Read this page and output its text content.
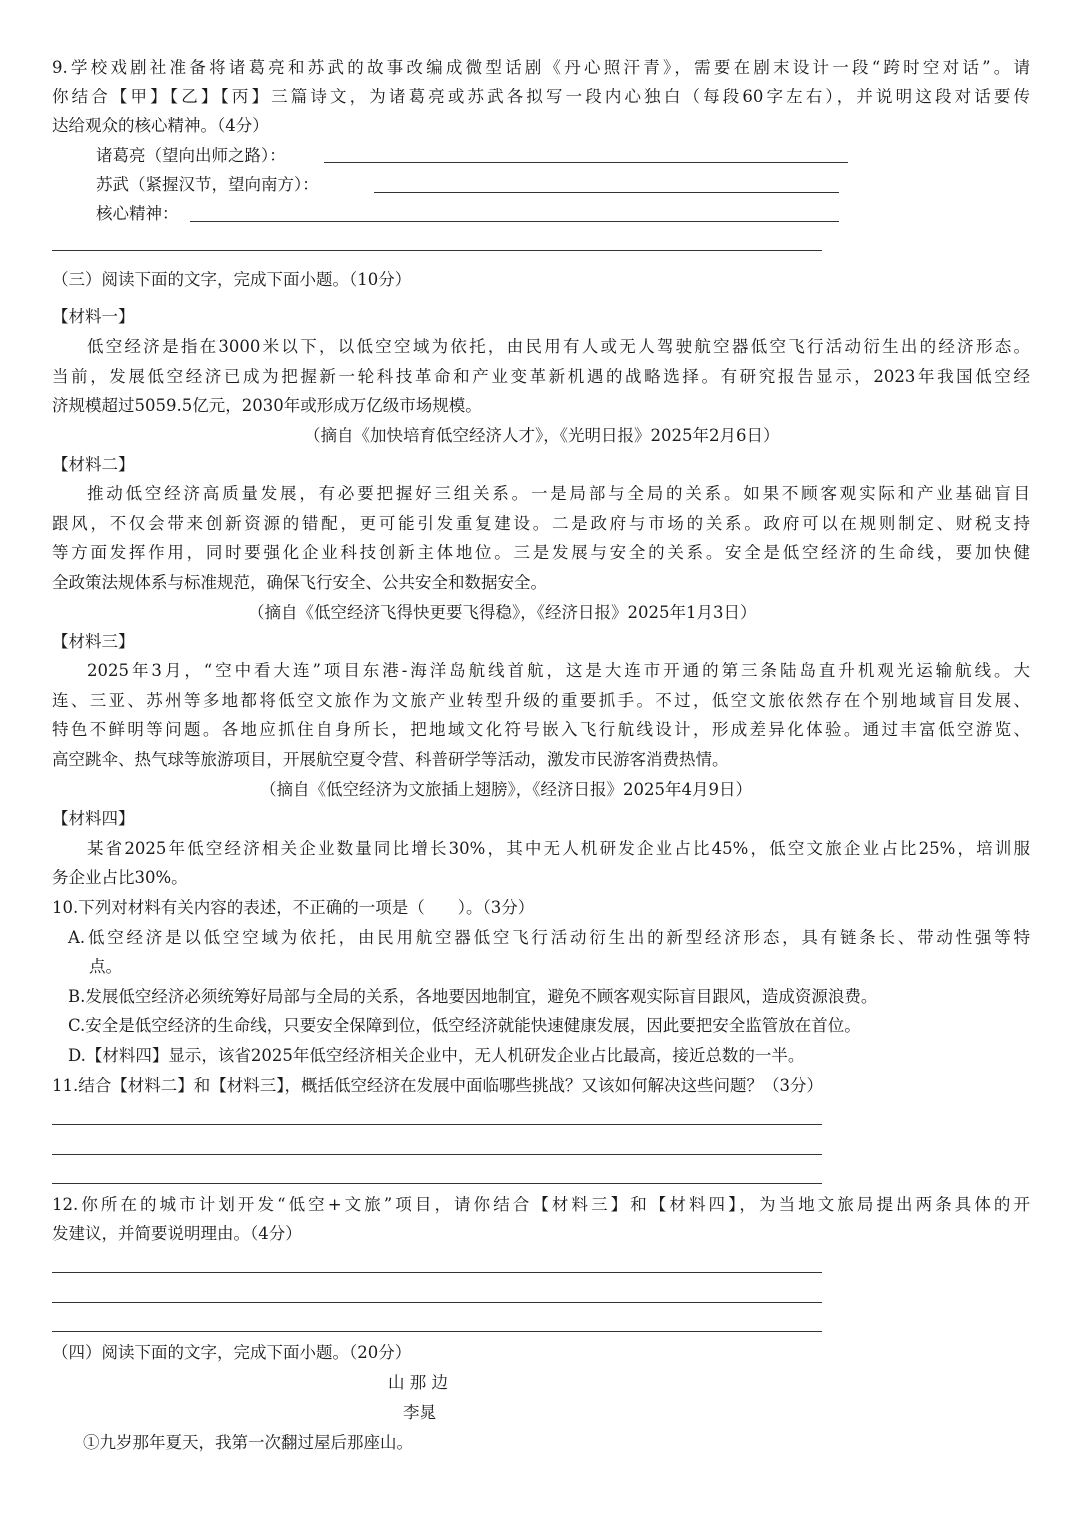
9.学校戏剧社准备将诸葛亮和苏武的故事改编成微型话剧《丹心照汗青》，需要在剧末设计一段“跨时空对话”。请
你结合【甲】【乙】【丙】三篇诗文，为诸葛亮或苏武各拟写一段内心独白（每段60字左右），并说明这段对话要传
达给观众的核心精神。（4分）
诸葛亮（望向出师之路）：
苏武（紧握汉节，望向南方）：
核心精神：
（三）阅读下面的文字，完成下面小题。（10分）
【材料一】
低空经济是指在3000米以下，以低空空域为依托，由民用有人或无人驾驶航空器低空飞行活动衍生出的经济形态。
当前，发展低空经济已成为把握新一轮科技革命和产业变革新机遇的战略选择。有研究报告显示，2023年我国低空经
济规模超过5059.5亿元，2030年或形成万亿级市场规模。
（摘自《加快培育低空经济人才》，《光明日报》2025年2月6日）
【材料二】
推动低空经济高质量发展，有必要把握好三组关系。一是局部与全局的关系。如果不顾客观实际和产业基础盲目
跟风，不仅会带来创新资源的错配，更可能引发重复建设。二是政府与市场的关系。政府可以在规则制定、财税支持
等方面发挥作用，同时要强化企业科技创新主体地位。三是发展与安全的关系。安全是低空经济的生命线，要加快健
全政策法规体系与标准规范，确保飞行安全、公共安全和数据安全。
（摘自《低空经济飞得快更要飞得稳》，《经济日报》2025年1月3日）
【材料三】
2025年3月，“空中看大连”项目东港-海洋岛航线首航，这是大连市开通的第三条陆岛直升机观光运输航线。大
连、三亚、苏州等多地都将低空文旅作为文旅产业转型升级的重要抓手。不过，低空文旅依然存在个别地域盲目发展、
特色不鲜明等问题。各地应抓住自身所长，把地域文化符号嵌入飞行航线设计，形成差异化体验。通过丰富低空游览、
高空跳伞、热气球等旅游项目，开展航空夏令营、科普研学等活动，激发市民游客消费热情。
（摘自《低空经济为文旅插上翅膀》，《经济日报》2025年4月9日）
【材料四】
某省2025年低空经济相关企业数量同比增长30%，其中无人机研发企业占比45%，低空文旅企业占比25%，培训服
务企业占比30%。
10.下列对材料有关内容的表述，不正确的一项是（　　）。（3分）
A.低空经济是以低空空域为依托，由民用航空器低空飞行活动衍生出的新型经济形态，具有链条长、带动性强等特
点。
B.发展低空经济必须统筹好局部与全局的关系，各地要因地制宜，避免不顾客观实际盲目跟风，造成资源浪费。
C.安全是低空经济的生命线，只要安全保障到位，低空经济就能快速健康发展，因此要把安全监管放在首位。
D.【材料四】显示，该省2025年低空经济相关企业中，无人机研发企业占比最高，接近总数的一半。
11.结合【材料二】和【材料三】，概括低空经济在发展中面临哪些挑战？又该如何解决这些问题？（3分）
12.你所在的城市计划开发“低空+文旅”项目，请你结合【材料三】和【材料四】，为当地文旅局提出两条具体的开
发建议，并简要说明理由。（4分）
（四）阅读下面的文字，完成下面小题。（20分）
山 那 边
李晁
①九岁那年夏天，我第一次翻过屋后那座山。
